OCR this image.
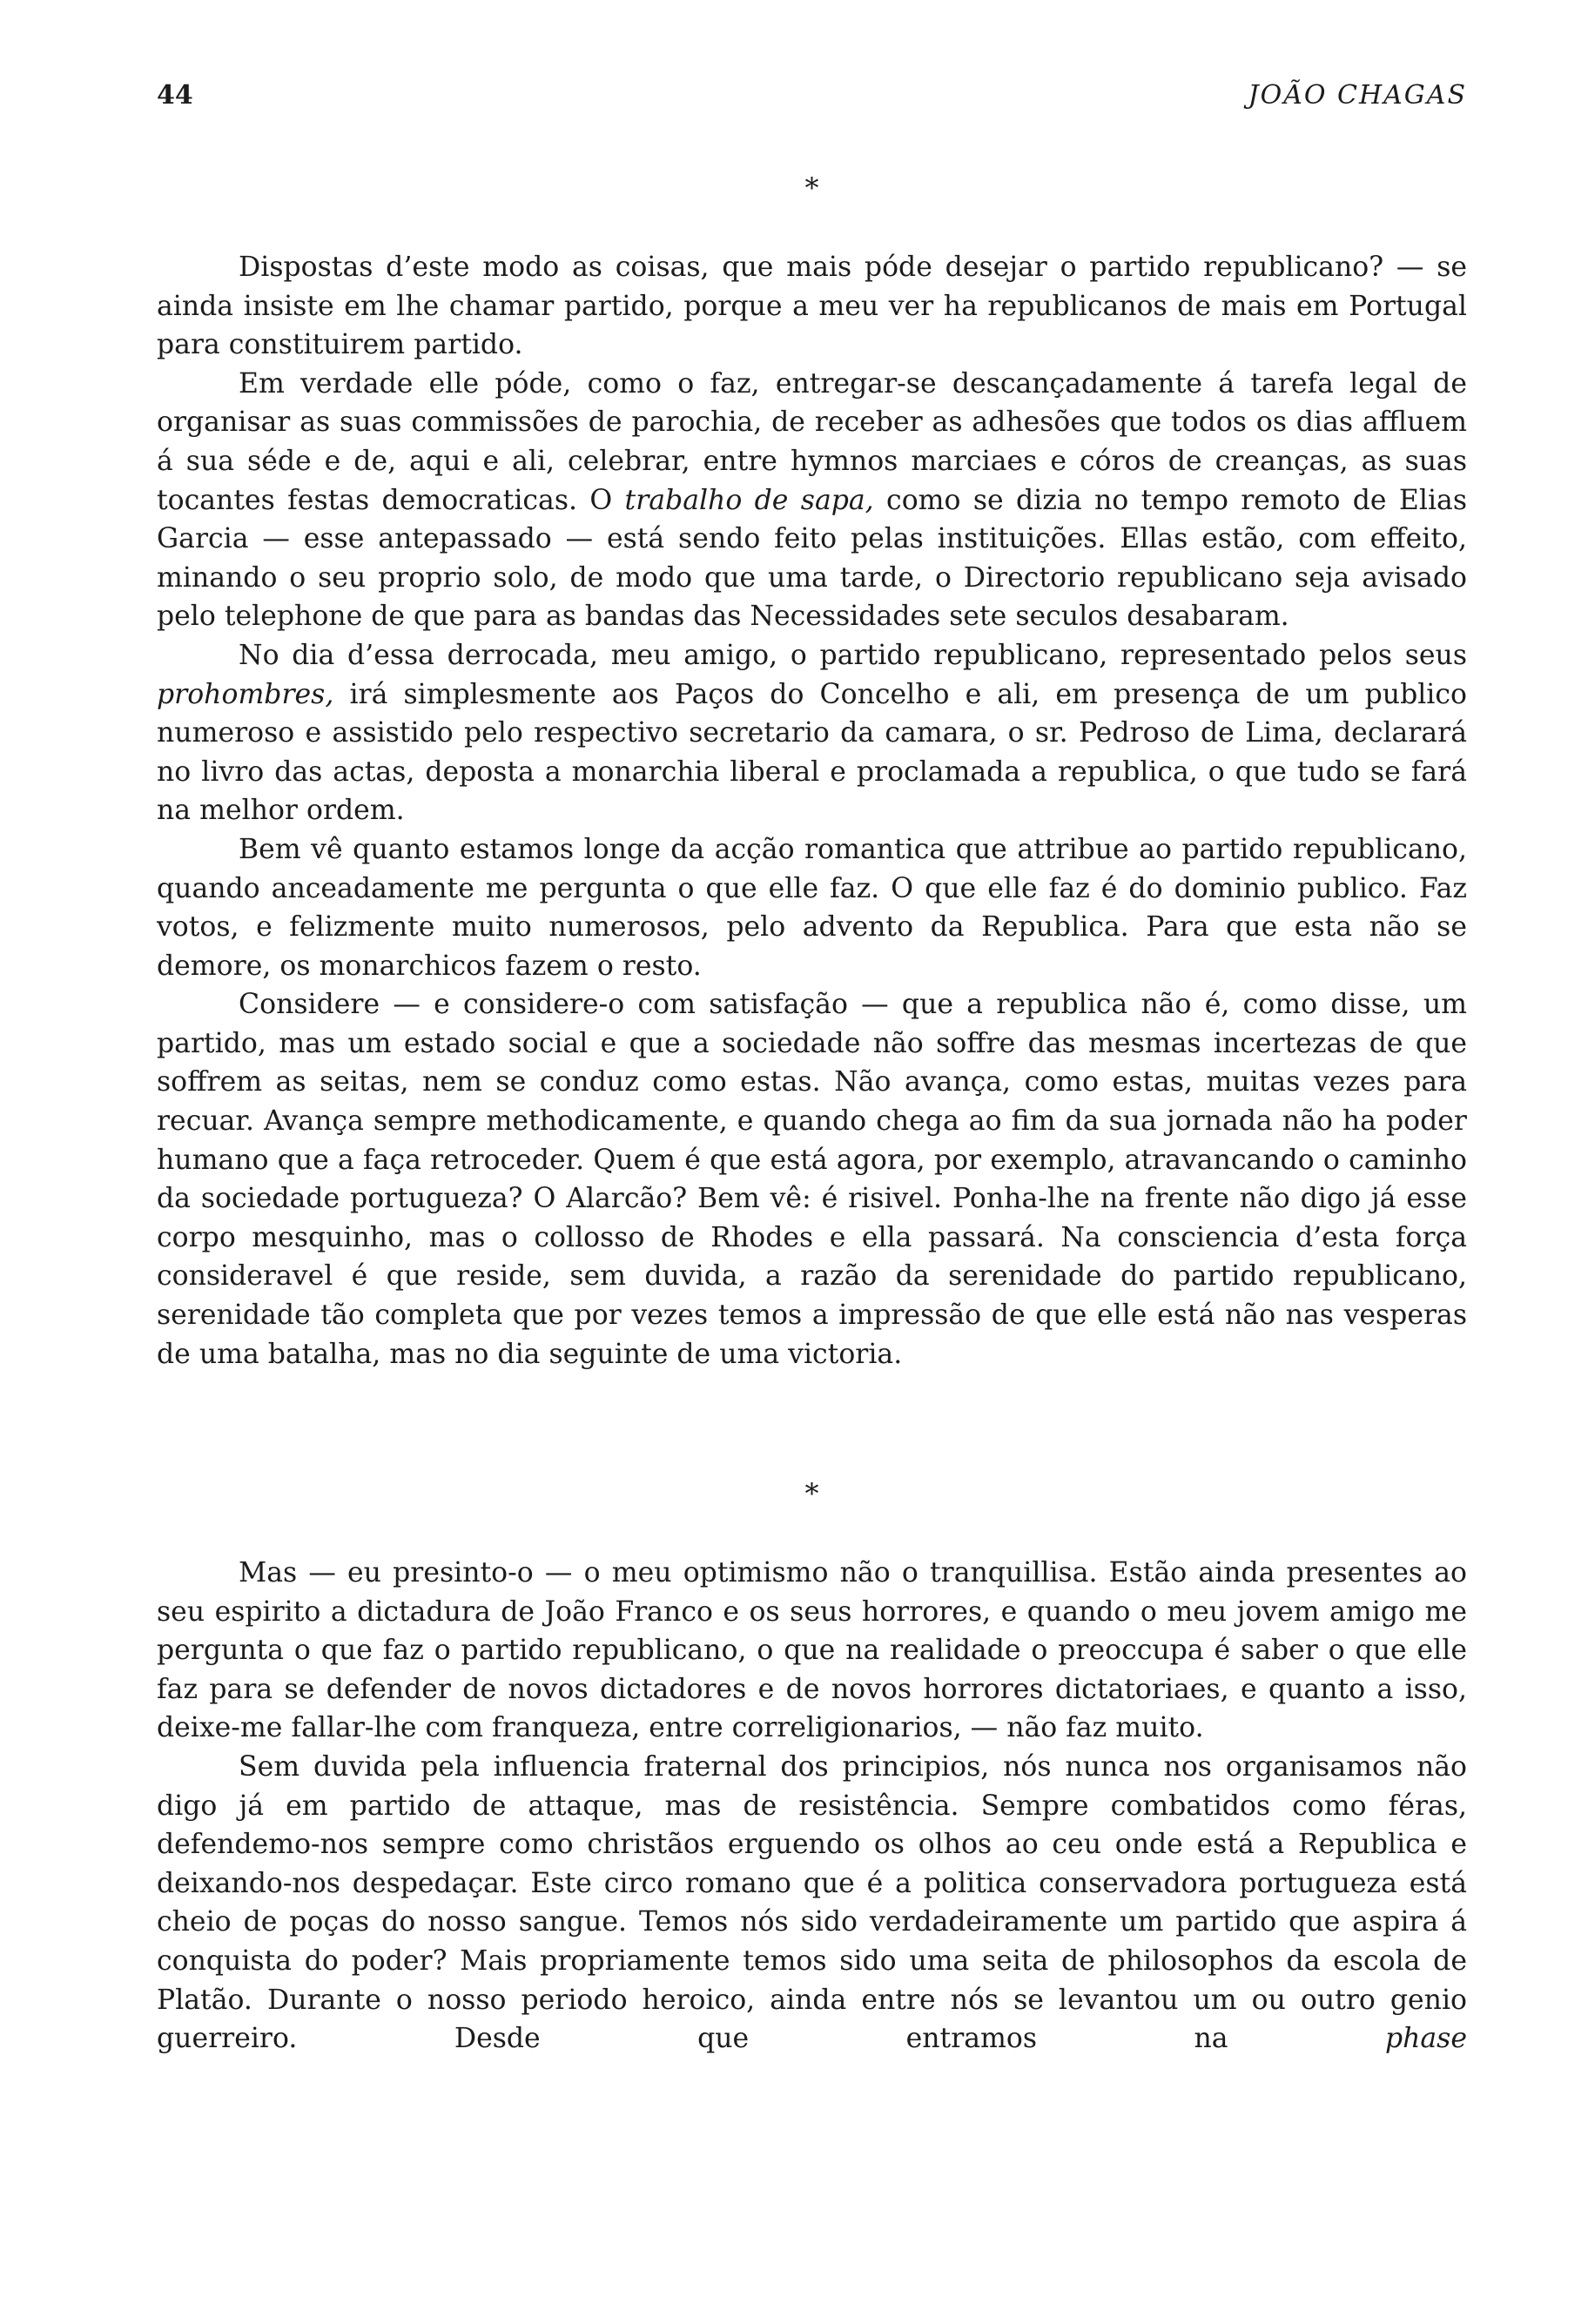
44	JOÃO CHAGAS
*

Dispostas d’este modo as coisas, que mais póde desejar o partido republicano? — se ainda insiste em lhe chamar partido, porque a meu ver ha republicanos de mais em Portugal para constituirem partido.

Em verdade elle póde, como o faz, entregar-se descançadamente á tarefa legal de organisar as suas commissões de parochia, de receber as adhesões que todos os dias affluem á sua séde e de, aqui e ali, celebrar, entre hymnos marciaes e córos de creanças, as suas tocantes festas democraticas. O trabalho de sapa, como se dizia no tempo remoto de Elias Garcia — esse antepassado — está sendo feito pelas instituições. Ellas estão, com effeito, minando o seu proprio solo, de modo que uma tarde, o Directorio republicano seja avisado pelo telephone de que para as bandas das Necessidades sete seculos desabaram.

No dia d’essa derrocada, meu amigo, o partido republicano, representado pelos seus prohombres, irá simplesmente aos Paços do Concelho e ali, em presença de um publico numeroso e assistido pelo respectivo secretario da camara, o sr. Pedroso de Lima, declarará no livro das actas, deposta a monarchia liberal e proclamada a republica, o que tudo se fará na melhor ordem.

Bem vê quanto estamos longe da acção romantica que attribue ao partido republicano, quando anceadamente me pergunta o que elle faz. O que elle faz é do dominio publico. Faz votos, e felizmente muito numerosos, pelo advento da Republica. Para que esta não se demore, os monarchicos fazem o resto.

Considere — e considere-o com satisfação — que a republica não é, como disse, um partido, mas um estado social e que a sociedade não soffre das mesmas incertezas de que soffrem as seitas, nem se conduz como estas. Não avança, como estas, muitas vezes para recuar. Avança sempre methodicamente, e quando chega ao fim da sua jornada não ha poder humano que a faça retroceder. Quem é que está agora, por exemplo, atravancando o caminho da sociedade portugueza? O Alarcão? Bem vê: é risivel. Ponha-lhe na frente não digo já esse corpo mesquinho, mas o collosso de Rhodes e ella passará. Na consciencia d’esta força consideravel é que reside, sem duvida, a razão da serenidade do partido republicano, serenidade tão completa que por vezes temos a impressão de que elle está não nas vesperas de uma batalha, mas no dia seguinte de uma victoria.

*

Mas — eu presinto-o — o meu optimismo não o tranquillisa. Estão ainda presentes ao seu espirito a dictadura de João Franco e os seus horrores, e quando o meu jovem amigo me pergunta o que faz o partido republicano, o que na realidade o preoccupa é saber o que elle faz para se defender de novos dictadores e de novos horrores dictatoriaes, e quanto a isso, deixe-me fallar-lhe com franqueza, entre correligionarios, — não faz muito.

Sem duvida pela influencia fraternal dos principios, nós nunca nos organisamos não digo já em partido de attaque, mas de resistência. Sempre combatidos como féras, defendemo-nos sempre como christãos erguendo os olhos ao ceu onde está a Republica e deixando-nos despedaçar. Este circo romano que é a politica conservadora portugueza está cheio de poças do nosso sangue. Temos nós sido verdadeiramente um partido que aspira á conquista do poder? Mais propriamente temos sido uma seita de philosophos da escola de Platão. Durante o nosso periodo heroico, ainda entre nós se levantou um ou outro genio guerreiro. Desde que entramos na phase
